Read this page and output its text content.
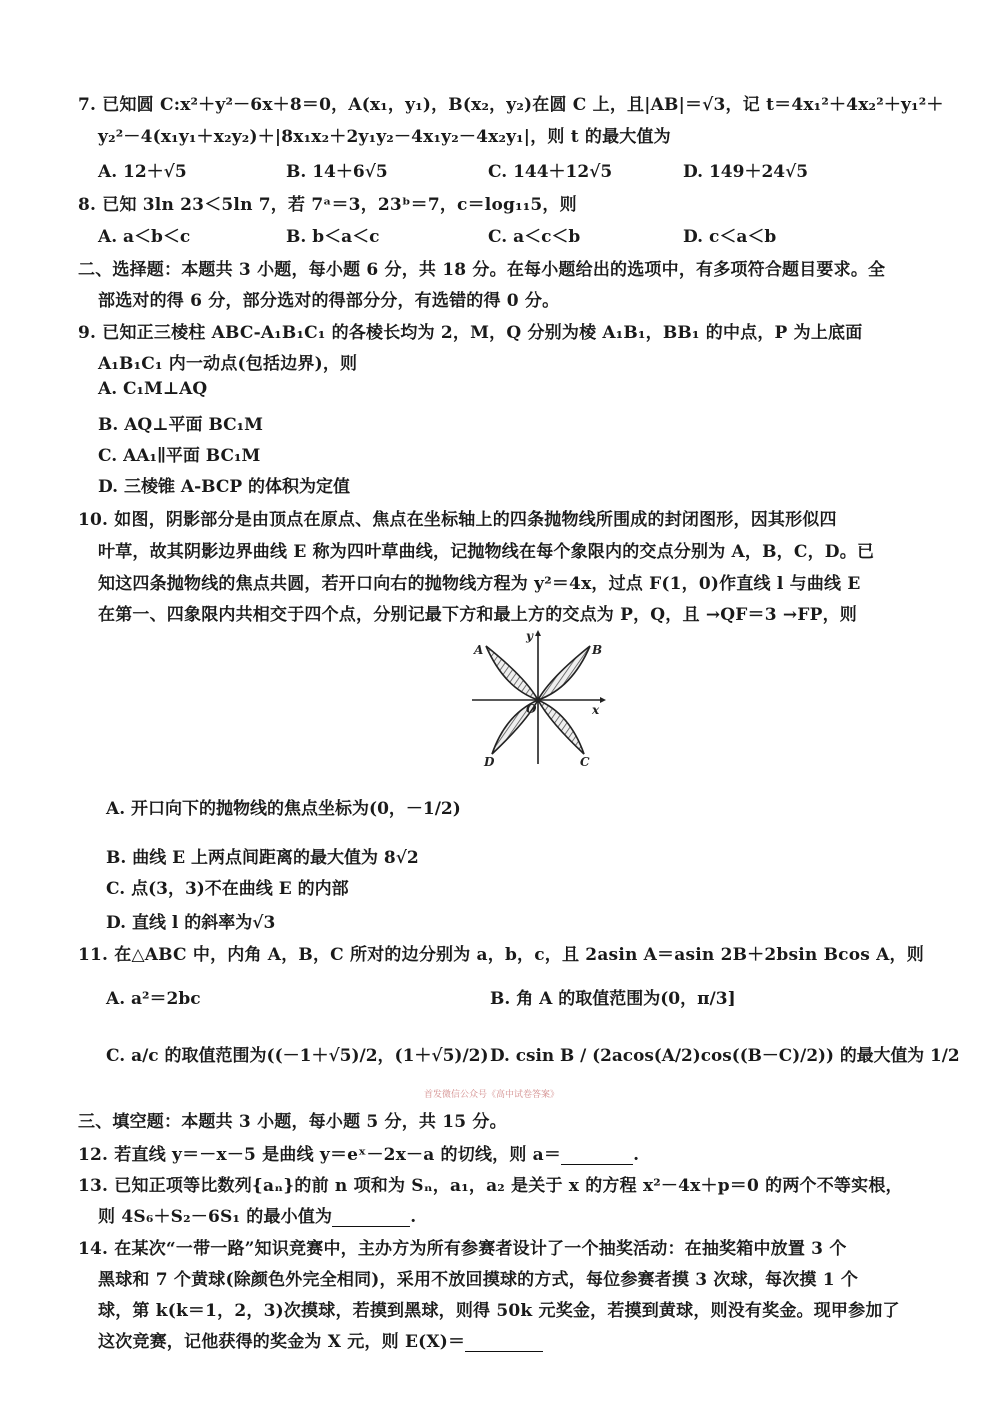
7. 已知圆 C:x²＋y²－6x＋8＝0，A(x₁，y₁)，B(x₂，y₂)在圆 C 上，且|AB|＝√3，记 t＝4x₁²＋4x₂²＋y₁²＋
y₂²－4(x₁y₁＋x₂y₂)＋|8x₁x₂＋2y₁y₂－4x₁y₂－4x₂y₁|，则 t 的最大值为
A. 12＋√5	B. 14＋6√5	C. 144＋12√5	D. 149＋24√5
8. 已知 3ln 23＜5ln 7，若 7ᵃ＝3，23ᵇ＝7，c＝log₁₁5，则
A. a＜b＜c	B. b＜a＜c	C. a＜c＜b	D. c＜a＜b
二、选择题：本题共 3 小题，每小题 6 分，共 18 分。在每小题给出的选项中，有多项符合题目要求。全
部选对的得 6 分，部分选对的得部分分，有选错的得 0 分。
9. 已知正三棱柱 ABC-A₁B₁C₁ 的各棱长均为 2，M，Q 分别为棱 A₁B₁，BB₁ 的中点，P 为上底面
A₁B₁C₁ 内一动点(包括边界)，则
A. C₁M⊥AQ
B. AQ⊥平面 BC₁M
C. AA₁∥平面 BC₁M
D. 三棱锥 A-BCP 的体积为定值
10. 如图，阴影部分是由顶点在原点、焦点在坐标轴上的四条抛物线所围成的封闭图形，因其形似四
叶草，故其阴影边界曲线 E 称为四叶草曲线，记抛物线在每个象限内的交点分别为 A，B，C，D。已
知这四条抛物线的焦点共圆，若开口向右的抛物线方程为 y²＝4x，过点 F(1，0)作直线 l 与曲线 E
在第一、四象限内共相交于四个点，分别记最下方和最上方的交点为 P，Q，且 →QF＝3 →FP，则
A	B
C
D
O	x
y
A. 开口向下的抛物线的焦点坐标为(0，－1/2)
B. 曲线 E 上两点间距离的最大值为 8√2
C. 点(3，3)不在曲线 E 的内部
D. 直线 l 的斜率为√3
11. 在△ABC 中，内角 A，B，C 所对的边分别为 a，b，c，且 2asin A＝asin 2B＋2bsin Bcos A，则
A. a²＝2bc	B. 角 A 的取值范围为(0，π/3]
C. a/c 的取值范围为((－1＋√5)/2，(1＋√5)/2) D. csin B / (2acos(A/2)cos((B－C)/2)) 的最大值为 1/2
首发微信公众号《高中试卷答案》
三、填空题：本题共 3 小题，每小题 5 分，共 15 分。
12. 若直线 y＝－x－5 是曲线 y＝eˣ－2x－a 的切线，则 a＝	.
13. 已知正项等比数列{aₙ}的前 n 项和为 Sₙ，a₁，a₂ 是关于 x 的方程 x²－4x＋p＝0 的两个不等实根，
则 4S₆＋S₂－6S₁ 的最小值为	.
14. 在某次“一带一路”知识竞赛中，主办方为所有参赛者设计了一个抽奖活动：在抽奖箱中放置 3 个
黑球和 7 个黄球(除颜色外完全相同)，采用不放回摸球的方式，每位参赛者摸 3 次球，每次摸 1 个
球，第 k(k＝1，2，3)次摸球，若摸到黑球，则得 50k 元奖金，若摸到黄球，则没有奖金。现甲参加了
这次竞赛，记他获得的奖金为 X 元，则 E(X)＝
